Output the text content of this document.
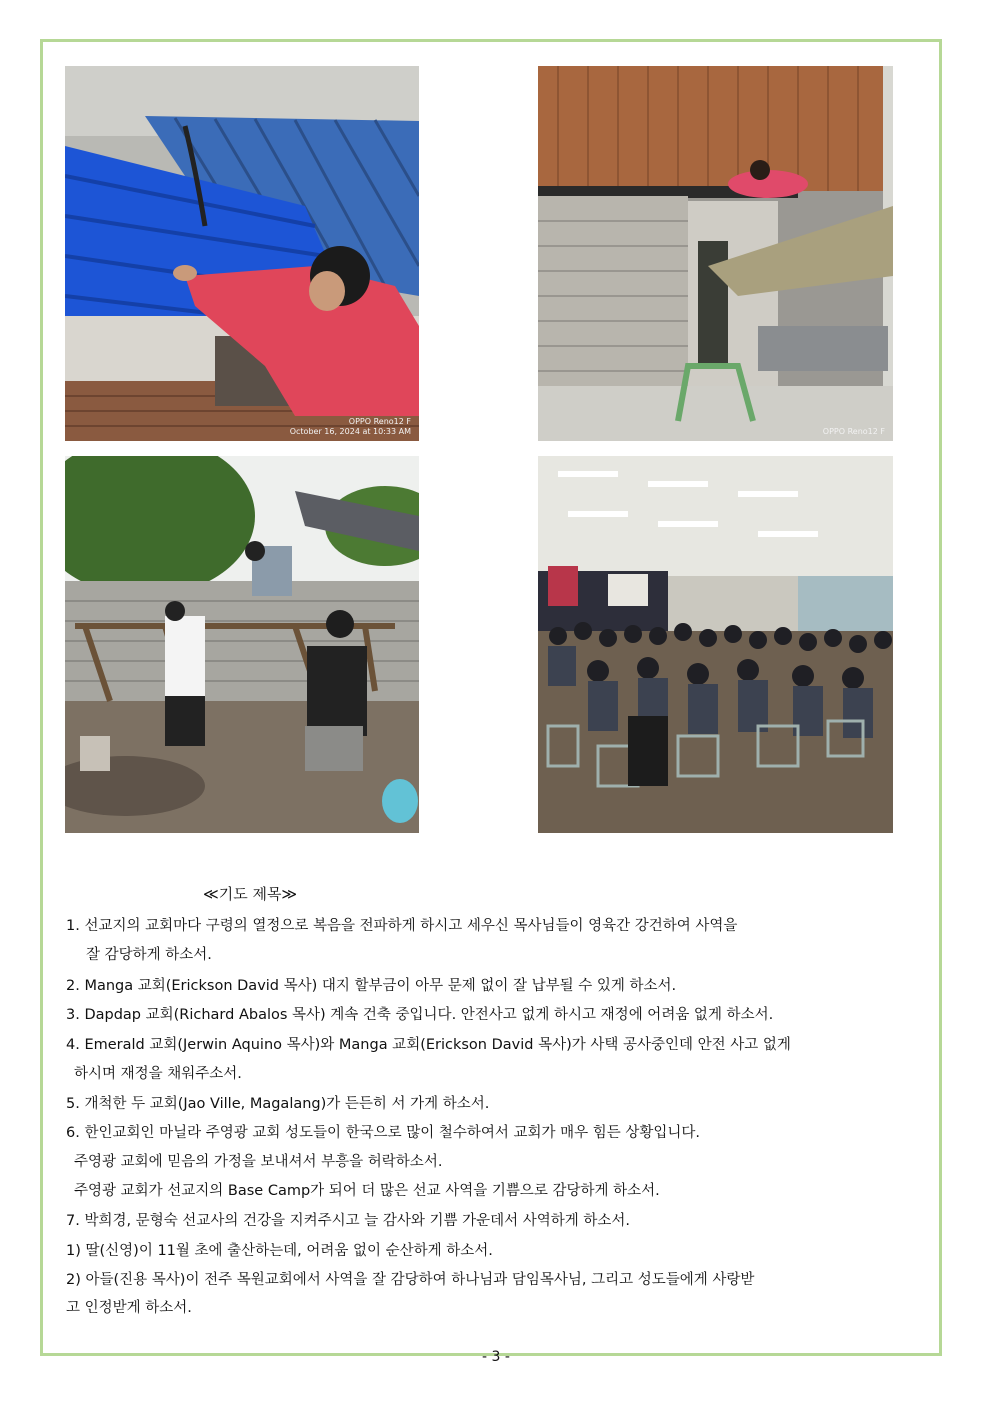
OPPO Reno12 F
October 16, 2024 at 10:33 AM	OPPO Reno12 F
≪기도 제목≫
1. 선교지의 교회마다 구령의 열정으로 복음을 전파하게 하시고 세우신 목사님들이 영육간 강건하여 사역을
잘 감당하게 하소서.
2. Manga 교회(Erickson David 목사) 대지 할부금이 아무 문제 없이 잘 납부될 수 있게 하소서.
3. Dapdap 교회(Richard Abalos 목사) 계속 건축 중입니다. 안전사고 없게 하시고 재정에 어려움 없게 하소서.
4. Emerald 교회(Jerwin Aquino 목사)와 Manga 교회(Erickson David 목사)가 사택 공사중인데 안전 사고 없게
하시며 재정을 채워주소서.
5. 개척한 두 교회(Jao Ville, Magalang)가 든든히 서 가게 하소서.
6. 한인교회인 마닐라 주영광 교회 성도들이 한국으로 많이 철수하여서 교회가 매우 힘든 상황입니다.
주영광 교회에 믿음의 가정을 보내셔서 부흥을 허락하소서.
주영광 교회가 선교지의 Base Camp가 되어 더 많은 선교 사역을 기쁨으로 감당하게 하소서.
7. 박희경, 문형숙 선교사의 건강을 지켜주시고 늘 감사와 기쁨 가운데서 사역하게 하소서.
1) 딸(신영)이 11월 초에 출산하는데, 어려움 없이 순산하게 하소서.
2) 아들(진용 목사)이 전주 목원교회에서 사역을 잘 감당하여 하나님과 담임목사님, 그리고 성도들에게 사랑받
고 인정받게 하소서.
- 3 -
